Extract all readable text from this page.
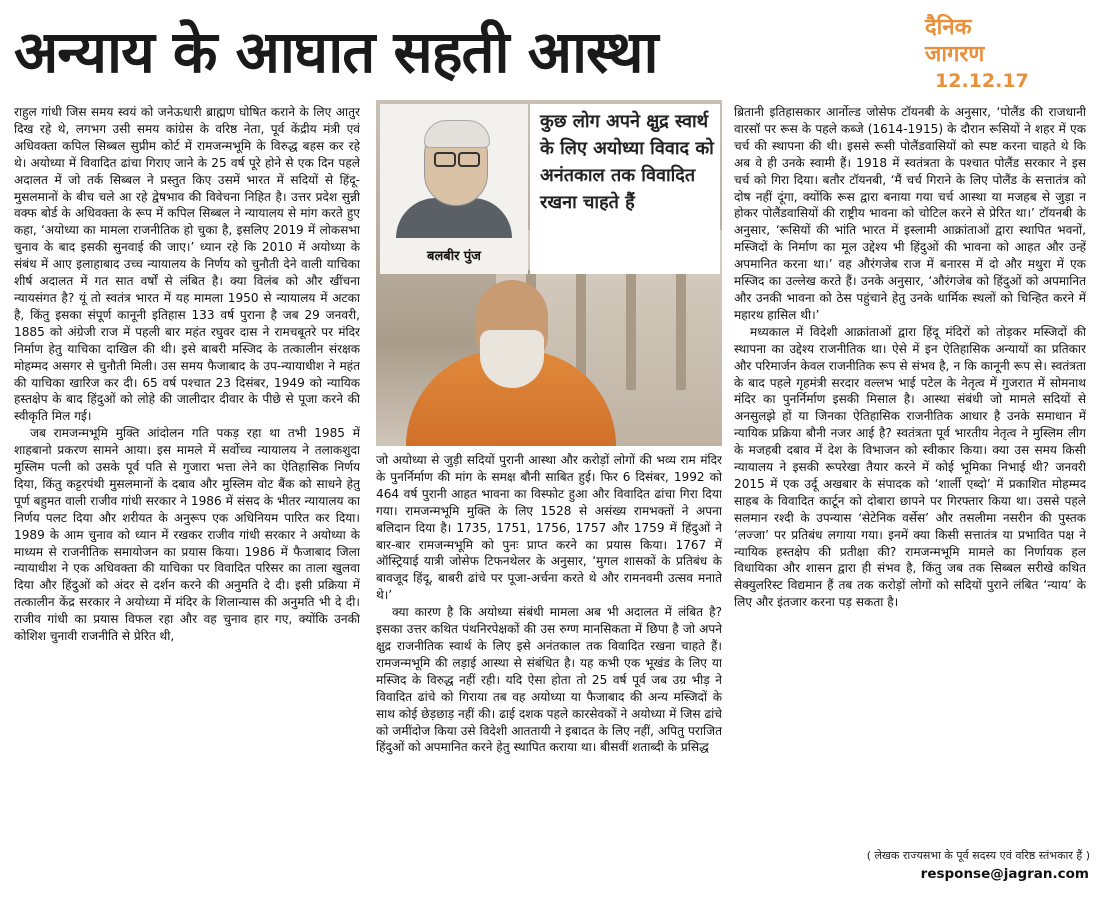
अन्याय के आघात सहती आस्था	दैनिक
जागरण
12.12.17

राहुल गांधी जिस समय स्वयं को जनेऊधारी ब्राह्मण घोषित कराने के लिए आतुर दिख रहे थे, लगभग उसी समय कांग्रेस के वरिष्ठ नेता, पूर्व केंद्रीय मंत्री एवं अधिवक्ता कपिल सिब्बल सुप्रीम कोर्ट में रामजन्मभूमि के विरुद्ध बहस कर रहे थे। अयोध्या में विवादित ढांचा गिराए जाने के 25 वर्ष पूरे होने से एक दिन पहले अदालत में जो तर्क सिब्बल ने प्रस्तुत किए उसमें भारत में सदियों से हिंदू-मुसलमानों के बीच चले आ रहे द्वेषभाव की विवेचना निहित है। उत्तर प्रदेश सुन्नी वक्फ बोर्ड के अधिवक्ता के रूप में कपिल सिब्बल ने न्यायालय से मांग करते हुए कहा, ‘अयोध्या का मामला राजनीतिक हो चुका है, इसलिए 2019 में लोकसभा चुनाव के बाद इसकी सुनवाई की जाए।’ ध्यान रहे कि 2010 में अयोध्या के संबंध में आए इलाहाबाद उच्च न्यायालय के निर्णय को चुनौती देने वाली याचिका शीर्ष अदालत में गत सात वर्षों से लंबित है। क्या विलंब को और खींचना न्यायसंगत है? यूं तो स्वतंत्र भारत में यह मामला 1950 से न्यायालय में अटका है, किंतु इसका संपूर्ण कानूनी इतिहास 133 वर्ष पुराना है जब 29 जनवरी, 1885 को अंग्रेजी राज में पहली बार महंत रघुवर दास ने रामचबूतरे पर मंदिर निर्माण हेतु याचिका दाखिल की थी। इसे बाबरी मस्जिद के तत्कालीन संरक्षक मोहम्मद असगर से चुनौती मिली। उस समय फैजाबाद के उप-न्यायाधीश ने महंत की याचिका खारिज कर दी। 65 वर्ष पश्चात 23 दिसंबर, 1949 को न्यायिक हस्तक्षेप के बाद हिंदुओं को लोहे की जालीदार दीवार के पीछे से पूजा करने की स्वीकृति मिल गई।

जब रामजन्मभूमि मुक्ति आंदोलन गति पकड़ रहा था तभी 1985 में शाहबानो प्रकरण सामने आया। इस मामले में सर्वोच्च न्यायालय ने तलाकशुदा मुस्लिम पत्नी को उसके पूर्व पति से गुजारा भत्ता लेने का ऐतिहासिक निर्णय दिया, किंतु कट्टरपंथी मुसलमानों के दबाव और मुस्लिम वोट बैंक को साधने हेतु पूर्ण बहुमत वाली राजीव गांधी सरकार ने 1986 में संसद के भीतर न्यायालय का निर्णय पलट दिया और शरीयत के अनुरूप एक अधिनियम पारित कर दिया। 1989 के आम चुनाव को ध्यान में रखकर राजीव गांधी सरकार ने अयोध्या के माध्यम से राजनीतिक समायोजन का प्रयास किया। 1986 में फैजाबाद जिला न्यायाधीश ने एक अधिवक्ता की याचिका पर विवादित परिसर का ताला खुलवा दिया और हिंदुओं को अंदर से दर्शन करने की अनुमति दे दी। इसी प्रक्रिया में तत्कालीन केंद्र सरकार ने अयोध्या में मंदिर के शिलान्यास की अनुमति भी दे दी। राजीव गांधी का प्रयास विफल रहा और वह चुनाव हार गए, क्योंकि उनकी कोशिश चुनावी राजनीति से प्रेरित थी,

बलबीर पुंज
कुछ लोग अपने क्षुद्र स्वार्थ के लिए अयोध्या विवाद को अनंतकाल तक विवादित रखना चाहते हैं

जो अयोध्या से जुड़ी सदियों पुरानी आस्था और करोड़ों लोगों की भव्य राम मंदिर के पुनर्निर्माण की मांग के समक्ष बौनी साबित हुई। फिर 6 दिसंबर, 1992 को 464 वर्ष पुरानी आहत भावना का विस्फोट हुआ और विवादित ढांचा गिरा दिया गया। रामजन्मभूमि मुक्ति के लिए 1528 से असंख्य रामभक्तों ने अपना बलिदान दिया है। 1735, 1751, 1756, 1757 और 1759 में हिंदुओं ने बार-बार रामजन्मभूमि को पुनः प्राप्त करने का प्रयास किया। 1767 में ऑस्ट्रियाई यात्री जोसेफ टिफनथेलर के अनुसार, ‘मुगल शासकों के प्रतिबंध के बावजूद हिंदू, बाबरी ढांचे पर पूजा-अर्चना करते थे और रामनवमी उत्सव मनाते थे।’

क्या कारण है कि अयोध्या संबंधी मामला अब भी अदालत में लंबित है? इसका उत्तर कथित पंथनिरपेक्षकों की उस रुग्ण मानसिकता में छिपा है जो अपने क्षुद्र राजनीतिक स्वार्थ के लिए इसे अनंतकाल तक विवादित रखना चाहते हैं। रामजन्मभूमि की लड़ाई आस्था से संबंधित है। यह कभी एक भूखंड के लिए या मस्जिद के विरुद्ध नहीं रही। यदि ऐसा होता तो 25 वर्ष पूर्व जब उग्र भीड़ ने विवादित ढांचे को गिराया तब वह अयोध्या या फैजाबाद की अन्य मस्जिदों के साथ कोई छेड़छाड़ नहीं की। ढाई दशक पहले कारसेवकों ने अयोध्या में जिस ढांचे को जमींदोज किया उसे विदेशी आततायी ने इबादत के लिए नहीं, अपितु पराजित हिंदुओं को अपमानित करने हेतु स्थापित कराया था। बीसवीं शताब्दी के प्रसिद्ध

ब्रितानी इतिहासकार आर्नोल्ड जोसेफ टॉयनबी के अनुसार, ‘पोलैंड की राजधानी वारसॉ पर रूस के पहले कब्जे (1614-1915) के दौरान रूसियों ने शहर में एक चर्च की स्थापना की थी। इससे रूसी पोलैंडवासियों को स्पष्ट करना चाहते थे कि अब वे ही उनके स्वामी हैं। 1918 में स्वतंत्रता के पश्चात पोलैंड सरकार ने इस चर्च को गिरा दिया। बतौर टॉयनबी, ‘मैं चर्च गिराने के लिए पोलैंड के सत्तातंत्र को दोष नहीं दूंगा, क्योंकि रूस द्वारा बनाया गया चर्च आस्था या मजहब से जुड़ा न होकर पोलैंडवासियों की राष्ट्रीय भावना को चोटिल करने से प्रेरित था।’ टॉयनबी के अनुसार, ‘रूसियों की भांति भारत में इस्लामी आक्रांताओं द्वारा स्थापित भवनों, मस्जिदों के निर्माण का मूल उद्देश्य भी हिंदुओं की भावना को आहत और उन्हें अपमानित करना था।’ वह औरंगजेब राज में बनारस में दो और मथुरा में एक मस्जिद का उल्लेख करते हैं। उनके अनुसार, ‘औरंगजेब को हिंदुओं को अपमानित और उनकी भावना को ठेस पहुंचाने हेतु उनके धार्मिक स्थलों को चिन्हित करने में महारथ हासिल थी।’

मध्यकाल में विदेशी आक्रांताओं द्वारा हिंदू मंदिरों को तोड़कर मस्जिदों की स्थापना का उद्देश्य राजनीतिक था। ऐसे में इन ऐतिहासिक अन्यायों का प्रतिकार और परिमार्जन केवल राजनीतिक रूप से संभव है, न कि कानूनी रूप से। स्वतंत्रता के बाद पहले गृहमंत्री सरदार वल्लभ भाई पटेल के नेतृत्व में गुजरात में सोमनाथ मंदिर का पुनर्निर्माण इसकी मिसाल है। आस्था संबंधी जो मामले सदियों से अनसुलझे हों या जिनका ऐतिहासिक राजनीतिक आधार है उनके समाधान में न्यायिक प्रक्रिया बौनी नजर आई है? स्वतंत्रता पूर्व भारतीय नेतृत्व ने मुस्लिम लीग के मजहबी दबाव में देश के विभाजन को स्वीकार किया। क्या उस समय किसी न्यायालय ने इसकी रूपरेखा तैयार करने में कोई भूमिका निभाई थी? जनवरी 2015 में एक उर्दू अखबार के संपादक को ‘शार्ली एब्दो’ में प्रकाशित मोहम्मद साहब के विवादित कार्टून को दोबारा छापने पर गिरफ्तार किया था। उससे पहले सलमान रश्दी के उपन्यास ‘सेटेनिक वर्सेस’ और तसलीमा नसरीन की पुस्तक ‘लज्जा’ पर प्रतिबंध लगाया गया। इनमें क्या किसी सत्तातंत्र या प्रभावित पक्ष ने न्यायिक हस्तक्षेप की प्रतीक्षा की? रामजन्मभूमि मामले का निर्णायक हल विधायिका और शासन द्वारा ही संभव है, किंतु जब तक सिब्बल सरीखे कथित सेक्युलरिस्ट विद्यमान हैं तब तक करोड़ों लोगों को सदियों पुराने लंबित ‘न्याय’ के लिए और इंतजार करना पड़ सकता है।

( लेखक राज्यसभा के पूर्व सदस्य एवं वरिष्ठ स्तंभकार हैं )
response@jagran.com
